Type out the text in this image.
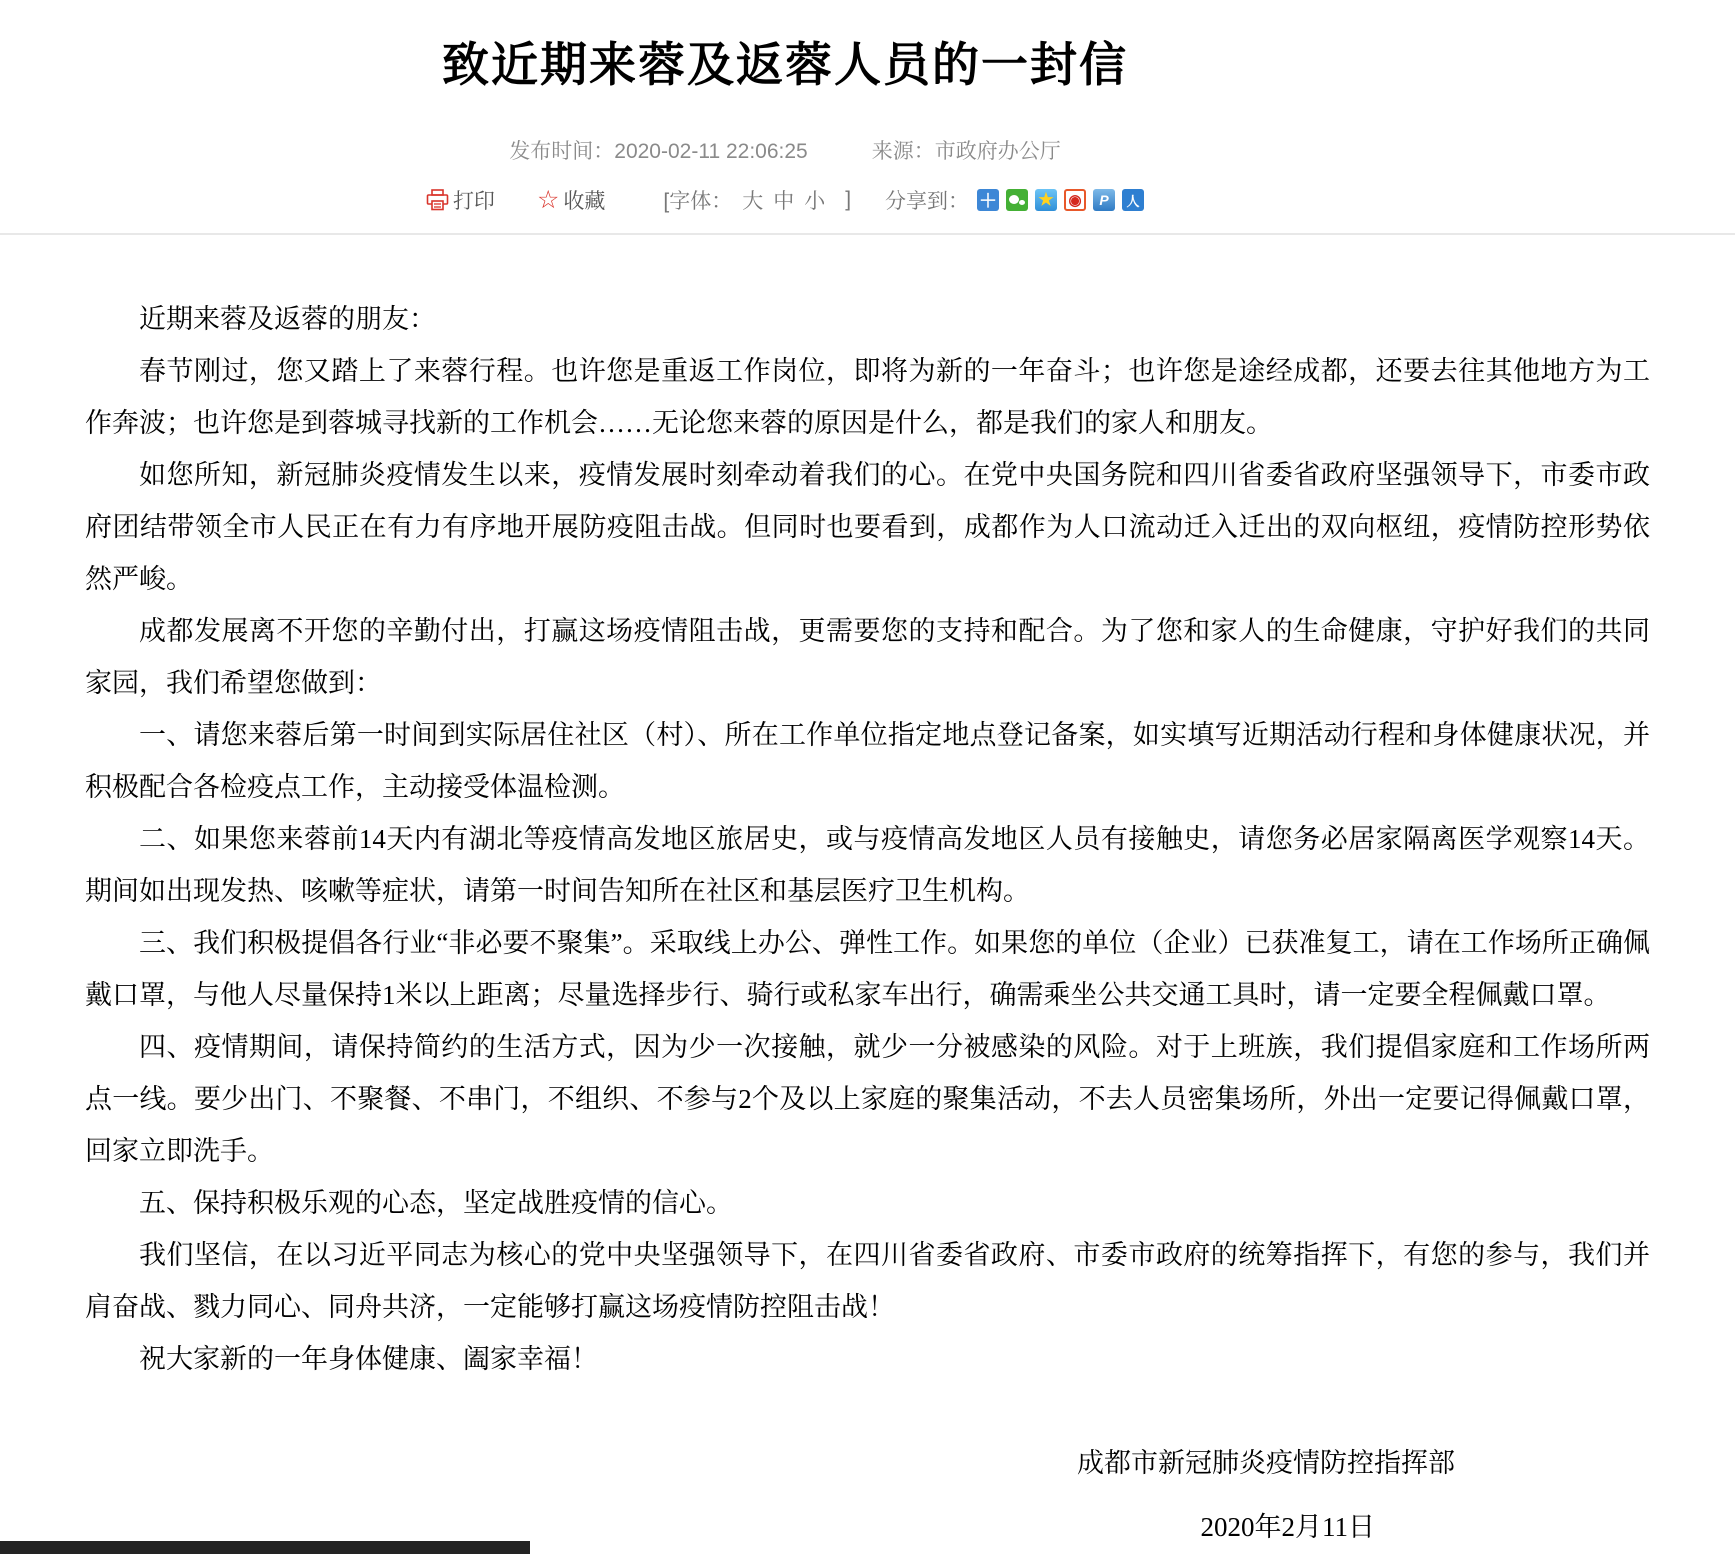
致近期来蓉及返蓉人员的一封信
发布时间：2020-02-11 22:06:25	来源：市政府办公厅
打印 ☆ 收藏	[字体： 大 中 小 ] 分享到： ＋ ★ ◉	P	人

近期来蓉及返蓉的朋友：

春节刚过，您又踏上了来蓉行程。也许您是重返工作岗位，即将为新的一年奋斗；也许您是途经成都，还要去往其他地方为工作奔波；也许您是到蓉城寻找新的工作机会……无论您来蓉的原因是什么，都是我们的家人和朋友。

如您所知，新冠肺炎疫情发生以来，疫情发展时刻牵动着我们的心。在党中央国务院和四川省委省政府坚强领导下，市委市政府团结带领全市人民正在有力有序地开展防疫阻击战。但同时也要看到，成都作为人口流动迁入迁出的双向枢纽，疫情防控形势依然严峻。

成都发展离不开您的辛勤付出，打赢这场疫情阻击战，更需要您的支持和配合。为了您和家人的生命健康，守护好我们的共同家园，我们希望您做到：

一、请您来蓉后第一时间到实际居住社区（村）、所在工作单位指定地点登记备案，如实填写近期活动行程和身体健康状况，并积极配合各检疫点工作，主动接受体温检测。

二、如果您来蓉前14天内有湖北等疫情高发地区旅居史，或与疫情高发地区人员有接触史，请您务必居家隔离医学观察14天。期间如出现发热、咳嗽等症状，请第一时间告知所在社区和基层医疗卫生机构。

三、我们积极提倡各行业“非必要不聚集”。采取线上办公、弹性工作。如果您的单位（企业）已获准复工，请在工作场所正确佩戴口罩，与他人尽量保持1米以上距离；尽量选择步行、骑行或私家车出行，确需乘坐公共交通工具时，请一定要全程佩戴口罩。

四、疫情期间，请保持简约的生活方式，因为少一次接触，就少一分被感染的风险。对于上班族，我们提倡家庭和工作场所两点一线。要少出门、不聚餐、不串门，不组织、不参与2个及以上家庭的聚集活动，不去人员密集场所，外出一定要记得佩戴口罩，回家立即洗手。

五、保持积极乐观的心态，坚定战胜疫情的信心。

我们坚信，在以习近平同志为核心的党中央坚强领导下，在四川省委省政府、市委市政府的统筹指挥下，有您的参与，我们并肩奋战、戮力同心、同舟共济，一定能够打赢这场疫情防控阻击战！

祝大家新的一年身体健康、阖家幸福！

成都市新冠肺炎疫情防控指挥部
2020年2月11日
